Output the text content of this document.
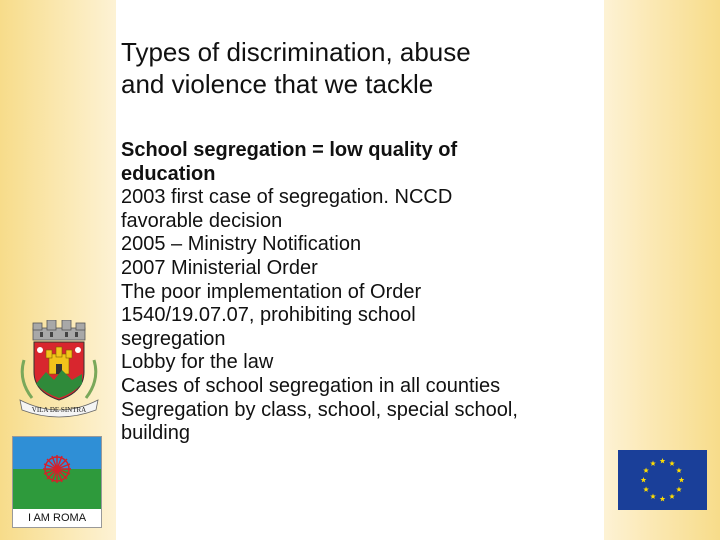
Types of discrimination, abuse
and violence that we tackle
School segregation = low quality of
education
2003 first case of segregation. NCCD
favorable decision
2005 – Ministry Notification
2007 Ministerial Order
The poor implementation of Order
1540/19.07.07, prohibiting school
segregation
Lobby for the law
Cases of school segregation in all counties
Segregation by class, school, special school,
building
VILA DE SINTRA
I AM ROMA
